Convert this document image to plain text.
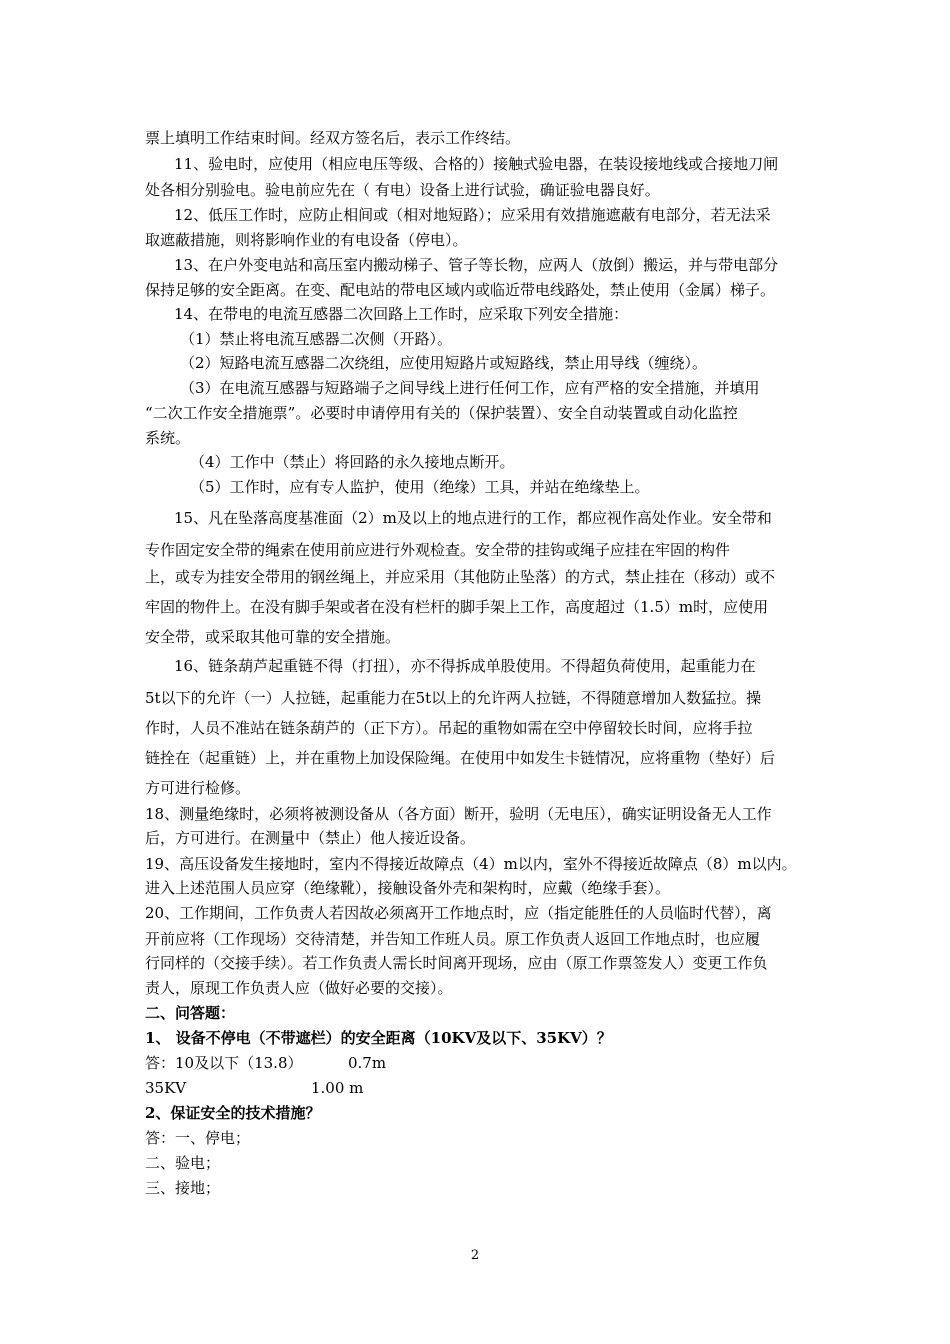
票上填明工作结束时间。经双方签名后，表示工作终结。
11、验电时，应使用（相应电压等级、合格的）接触式验电器，在装设接地线或合接地刀闸
处各相分别验电。验电前应先在（ 有电）设备上进行试验，确证验电器良好。
12、低压工作时，应防止相间或（相对地短路）；应采用有效措施遮蔽有电部分，若无法采
取遮蔽措施，则将影响作业的有电设备（停电）。
13、在户外变电站和高压室内搬动梯子、管子等长物，应两人（放倒）搬运，并与带电部分
保持足够的安全距离。在变、配电站的带电区域内或临近带电线路处，禁止使用（金属）梯子。
14、在带电的电流互感器二次回路上工作时，应采取下列安全措施：
（1）禁止将电流互感器二次侧（开路）。
（2）短路电流互感器二次绕组，应使用短路片或短路线，禁止用导线（缠绕）。
（3）在电流互感器与短路端子之间导线上进行任何工作，应有严格的安全措施，并填用
“二次工作安全措施票”。必要时申请停用有关的（保护装置）、安全自动装置或自动化监控
系统。
（4）工作中（禁止）将回路的永久接地点断开。
（5）工作时，应有专人监护，使用（绝缘）工具，并站在绝缘垫上。
15、凡在坠落高度基准面（2）m及以上的地点进行的工作，都应视作高处作业。安全带和
专作固定安全带的绳索在使用前应进行外观检查。安全带的挂钩或绳子应挂在牢固的构件
上，或专为挂安全带用的钢丝绳上，并应采用（其他防止坠落）的方式，禁止挂在（移动）或不
牢固的物件上。在没有脚手架或者在没有栏杆的脚手架上工作，高度超过（1.5）m时，应使用
安全带，或采取其他可靠的安全措施。
16、链条葫芦起重链不得（打扭），亦不得拆成单股使用。不得超负荷使用，起重能力在
5t以下的允许（一）人拉链，起重能力在5t以上的允许两人拉链，不得随意增加人数猛拉。操
作时，人员不准站在链条葫芦的（正下方）。吊起的重物如需在空中停留较长时间，应将手拉
链拴在（起重链）上，并在重物上加设保险绳。在使用中如发生卡链情况，应将重物（垫好）后
方可进行检修。
18、测量绝缘时，必须将被测设备从（各方面）断开，验明（无电压），确实证明设备无人工作
后，方可进行。在测量中（禁止）他人接近设备。
19、高压设备发生接地时，室内不得接近故障点（4）m以内，室外不得接近故障点（8）m以内。
进入上述范围人员应穿（绝缘靴），接触设备外壳和架构时，应戴（绝缘手套）。
20、工作期间，工作负责人若因故必须离开工作地点时，应（指定能胜任的人员临时代替），离
开前应将（工作现场）交待清楚，并告知工作班人员。原工作负责人返回工作地点时，也应履
行同样的（交接手续）。若工作负责人需长时间离开现场，应由（原工作票签发人）变更工作负
责人，原现工作负责人应（做好必要的交接）。
二、问答题：
1、 设备不停电（不带遮栏）的安全距离（10KV及以下、35KV）？
答：10及以下（13.8）	0.7m
35KV	1.00 m
2、保证安全的技术措施？
答：一、停电；
二、验电；
三、接地；
2
